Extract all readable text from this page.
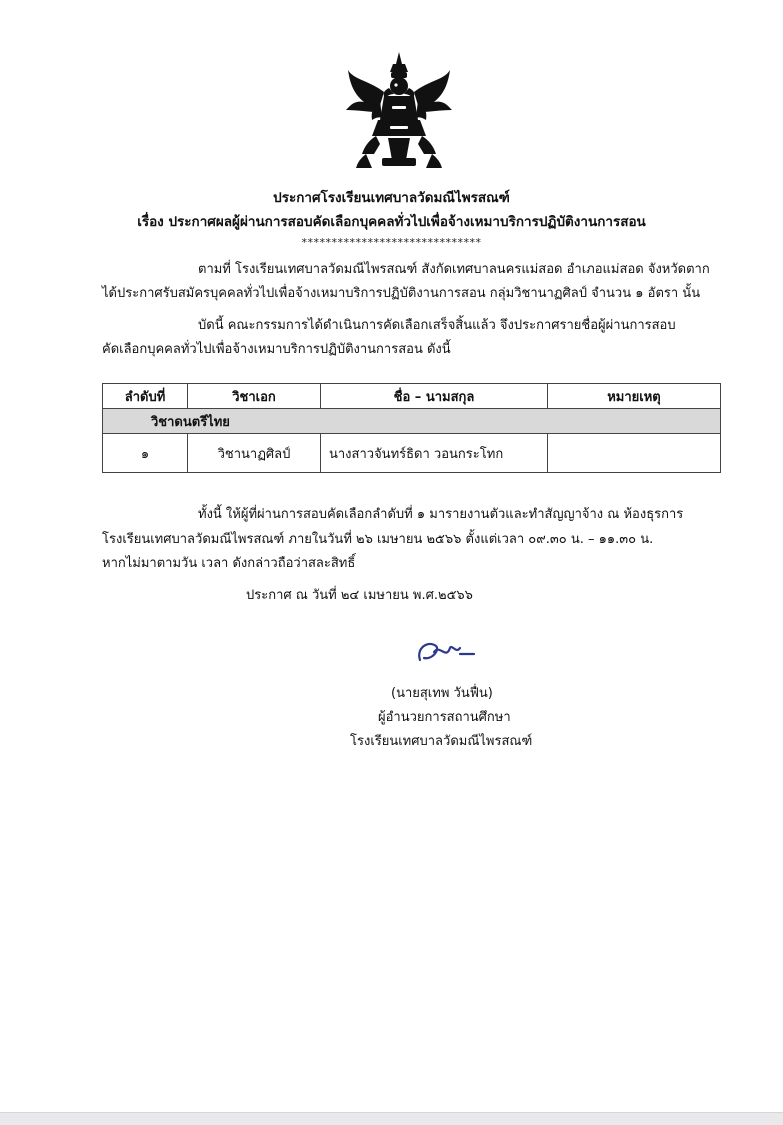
ประกาศโรงเรียนเทศบาลวัดมณีไพรสณฑ์
เรื่อง ประกาศผลผู้ผ่านการสอบคัดเลือกบุคคลทั่วไปเพื่อจ้างเหมาบริการปฏิบัติงานการสอน
******************************
ตามที่ โรงเรียนเทศบาลวัดมณีไพรสณฑ์ สังกัดเทศบาลนครแม่สอด อำเภอแม่สอด จังหวัดตาก
ได้ประกาศรับสมัครบุคคลทั่วไปเพื่อจ้างเหมาบริการปฏิบัติงานการสอน กลุ่มวิชานาฏศิลป์ จำนวน ๑ อัตรา นั้น
บัดนี้ คณะกรรมการได้ดำเนินการคัดเลือกเสร็จสิ้นแล้ว จึงประกาศรายชื่อผู้ผ่านการสอบ
คัดเลือกบุคคลทั่วไปเพื่อจ้างเหมาบริการปฏิบัติงานการสอน ดังนี้
ลำดับที่	วิชาเอก	ชื่อ – นามสกุล	หมายเหตุ
วิชาดนตรีไทย			
๑	วิชานาฏศิลป์	นางสาวจันทร์ธิดา วอนกระโทก	
ทั้งนี้ ให้ผู้ที่ผ่านการสอบคัดเลือกลำดับที่ ๑ มารายงานตัวและทำสัญญาจ้าง ณ ห้องธุรการ
โรงเรียนเทศบาลวัดมณีไพรสณฑ์ ภายในวันที่ ๒๖ เมษายน ๒๕๖๖ ตั้งแต่เวลา ๐๙.๓๐ น. – ๑๑.๓๐ น.
หากไม่มาตามวัน เวลา ดังกล่าวถือว่าสละสิทธิ์
ประกาศ ณ วันที่ ๒๔ เมษายน พ.ศ.๒๕๖๖
(นายสุเทพ วันฟื่น)
ผู้อำนวยการสถานศึกษา
โรงเรียนเทศบาลวัดมณีไพรสณฑ์
